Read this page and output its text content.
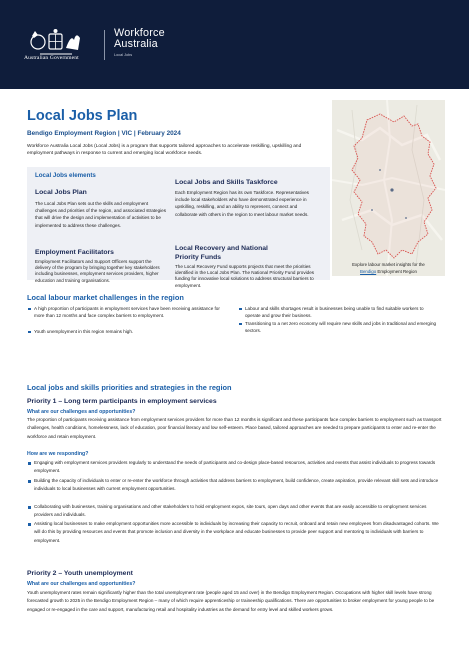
Australian Government
Workforce
Australia
Local Jobs
Local Jobs Plan
Bendigo Employment Region | VIC | February 2024
Workforce Australia Local Jobs (Local Jobs) is a program that supports tailored approaches to accelerate reskilling, upskilling and employment pathways in response to current and emerging local workforce needs.
Local Jobs elements
Local Jobs Plan
The Local Jobs Plan sets out the skills and employment challenges and priorities of the region, and associated strategies that will drive the design and implementation of activities to be implemented to address these challenges.
Employment Facilitators
Employment Facilitators and Support Officers support the delivery of the program by bringing together key stakeholders including businesses, employment services providers, higher education and training organisations.
Local Jobs and Skills Taskforce
Each Employment Region has its own Taskforce. Representatives include local stakeholders who have demonstrated experience in upskilling, reskilling, and an ability to represent, connect and collaborate with others in the region to meet labour market needs.
Local Recovery and National
Priority Funds
The Local Recovery Fund supports projects that meet the priorities identified in the Local Jobs Plan. The National Priority Fund provides funding for innovative local solutions to address structural barriers to employment.
Explore labour market insights for the
Bendigo Employment Region
Local labour market challenges in the region
A high proportion of participants in employment services have been receiving assistance for more than 12 months and face complex barriers to employment.
Youth unemployment in this region remains high.
Labour and skills shortages result in businesses being unable to find suitable workers to operate and grow their business.
Transitioning to a net zero economy will require new skills and jobs in traditional and emerging sectors.
Local jobs and skills priorities and strategies in the region
Priority 1 – Long term participants in employment services
What are our challenges and opportunities?
The proportion of participants receiving assistance from employment services providers for more than 12 months is significant and these participants face complex barriers to employment such as transport challenges, health conditions, homelessness, lack of education, poor financial literacy and low self-esteem. Place based, tailored approaches are needed to prepare participants to enter and re-enter the workforce and retain employment.
How are we responding?
Engaging with employment services providers regularly to understand the needs of participants and co-design place-based resources, activities and events that assist individuals to progress towards employment.
Building the capacity of individuals to enter or re-enter the workforce through activities that address barriers to employment, build confidence, create aspiration, provide relevant skill sets and introduce individuals to local businesses with current employment opportunities.
Collaborating with businesses, training organisations and other stakeholders to hold employment expos, site tours, open days and other events that are easily accessible to employment services providers and individuals.
Assisting local businesses to make employment opportunities more accessible to individuals by increasing their capacity to recruit, onboard and retain new employees from disadvantaged cohorts. We will do this by providing resources and events that promote inclusion and diversity in the workplace and educate businesses to provide peer support and mentoring to individuals with barriers to employment.
Priority 2 – Youth unemployment
What are our challenges and opportunities?
Youth unemployment rates remain significantly higher than the total unemployment rate (people aged 15 and over) in the Bendigo Employment Region. Occupations with higher skill levels have strong forecasted growth to 2025 in the Bendigo Employment Region – many of which require apprenticeship or traineeship qualifications. There are opportunities to broker employment for young people to be engaged or re-engaged in the care and support, manufacturing retail and hospitality industries as the demand for entry level and skilled workers grows.
